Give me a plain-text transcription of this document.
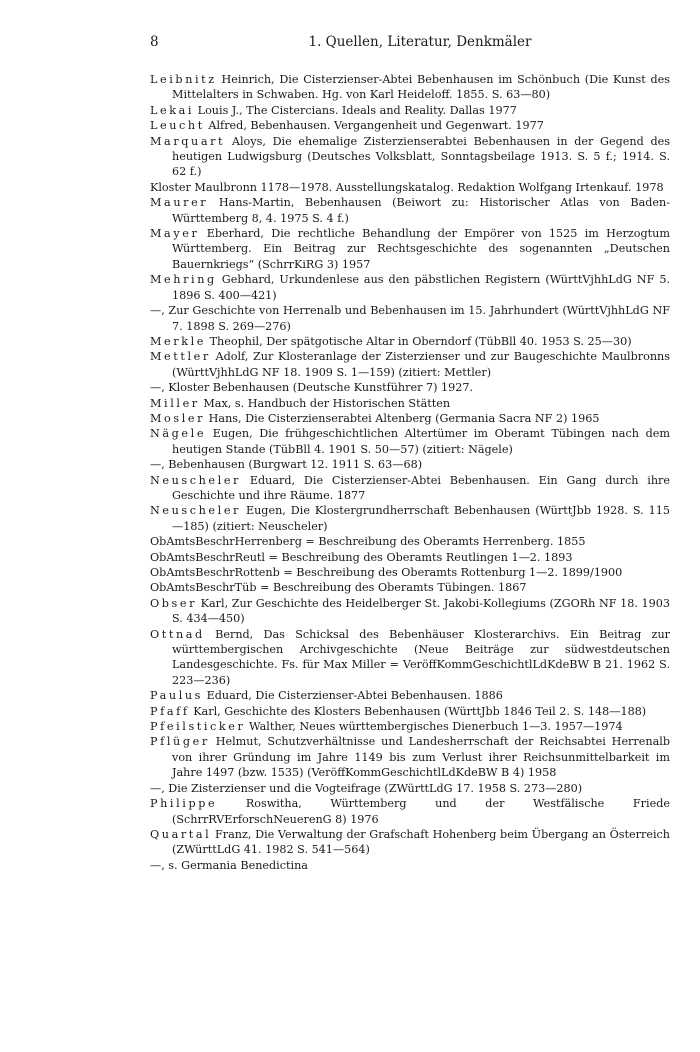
8	1. Quellen, Literatur, Denkmäler

Leibnitz Heinrich, Die Cisterzienser-Abtei Bebenhausen im Schönbuch (Die Kunst des Mittelalters in Schwaben. Hg. von Karl Heideloff. 1855. S. 63—80)

Lekai Louis J., The Cistercians. Ideals and Reality. Dallas 1977

Leucht Alfred, Bebenhausen. Vergangenheit und Gegenwart. 1977

Marquart Aloys, Die ehemalige Zisterzienserabtei Bebenhausen in der Gegend des heutigen Ludwigsburg (Deutsches Volksblatt, Sonntagsbeilage 1913. S. 5 f.; 1914. S. 62 f.)

Kloster Maulbronn 1178—1978. Ausstellungskatalog. Redaktion Wolfgang Irtenkauf. 1978

Maurer Hans-Martin, Bebenhausen (Beiwort zu: Historischer Atlas von Baden-Württemberg 8, 4. 1975 S. 4 f.)

Mayer Eberhard, Die rechtliche Behandlung der Empörer von 1525 im Herzogtum Württemberg. Ein Beitrag zur Rechtsgeschichte des sogenannten „Deutschen Bauernkriegs“ (SchrrKiRG 3) 1957

Mehring Gebhard, Urkundenlese aus den päbstlichen Registern (WürttVjhhLdG NF 5. 1896 S. 400—421)

—, Zur Geschichte von Herrenalb und Bebenhausen im 15. Jahrhundert (WürttVjhhLdG NF 7. 1898 S. 269—276)

Merkle Theophil, Der spätgotische Altar in Oberndorf (TübBll 40. 1953 S. 25—30)

Mettler Adolf, Zur Klosteranlage der Zisterzienser und zur Baugeschichte Maulbronns (WürttVjhhLdG NF 18. 1909 S. 1—159) (zitiert: Mettler)

—, Kloster Bebenhausen (Deutsche Kunstführer 7) 1927.

Miller Max, s. Handbuch der Historischen Stätten

Mosler Hans, Die Cisterzienserabtei Altenberg (Germania Sacra NF 2) 1965

Nägele Eugen, Die frühgeschichtlichen Altertümer im Oberamt Tübingen nach dem heutigen Stande (TübBll 4. 1901 S. 50—57) (zitiert: Nägele)

—, Bebenhausen (Burgwart 12. 1911 S. 63—68)

Neuscheler Eduard, Die Cisterzienser-Abtei Bebenhausen. Ein Gang durch ihre Geschichte und ihre Räume. 1877

Neuscheler Eugen, Die Klostergrundherrschaft Bebenhausen (WürttJbb 1928. S. 115—185) (zitiert: Neuscheler)

ObAmtsBeschrHerrenberg = Beschreibung des Oberamts Herrenberg. 1855

ObAmtsBeschrReutl = Beschreibung des Oberamts Reutlingen 1—2. 1893

ObAmtsBeschrRottenb = Beschreibung des Oberamts Rottenburg 1—2. 1899/1900

ObAmtsBeschrTüb = Beschreibung des Oberamts Tübingen. 1867

Obser Karl, Zur Geschichte des Heidelberger St. Jakobi-Kollegiums (ZGORh NF 18. 1903 S. 434—450)

Ottnad Bernd, Das Schicksal des Bebenhäuser Klosterarchivs. Ein Beitrag zur württembergischen Archivgeschichte (Neue Beiträge zur südwestdeutschen Landesgeschichte. Fs. für Max Miller = VeröffKommGeschichtlLdKdeBW B 21. 1962 S. 223—236)

Paulus Eduard, Die Cisterzienser-Abtei Bebenhausen. 1886

Pfaff Karl, Geschichte des Klosters Bebenhausen (WürttJbb 1846 Teil 2. S. 148—188)

Pfeilsticker Walther, Neues württembergisches Dienerbuch 1—3. 1957—1974

Pflüger Helmut, Schutzverhältnisse und Landesherrschaft der Reichsabtei Herrenalb von ihrer Gründung im Jahre 1149 bis zum Verlust ihrer Reichsunmittelbarkeit im Jahre 1497 (bzw. 1535) (VeröffKommGeschichtlLdKdeBW B 4) 1958

—, Die Zisterzienser und die Vogteifrage (ZWürttLdG 17. 1958 S. 273—280)

Philippe	Roswitha, Württemberg und der Westfälische Friede (SchrrRVErforschNeuerenG 8) 1976

Quartal Franz, Die Verwaltung der Grafschaft Hohenberg beim Übergang an Österreich (ZWürttLdG 41. 1982 S. 541—564)

—, s. Germania Benedictina
